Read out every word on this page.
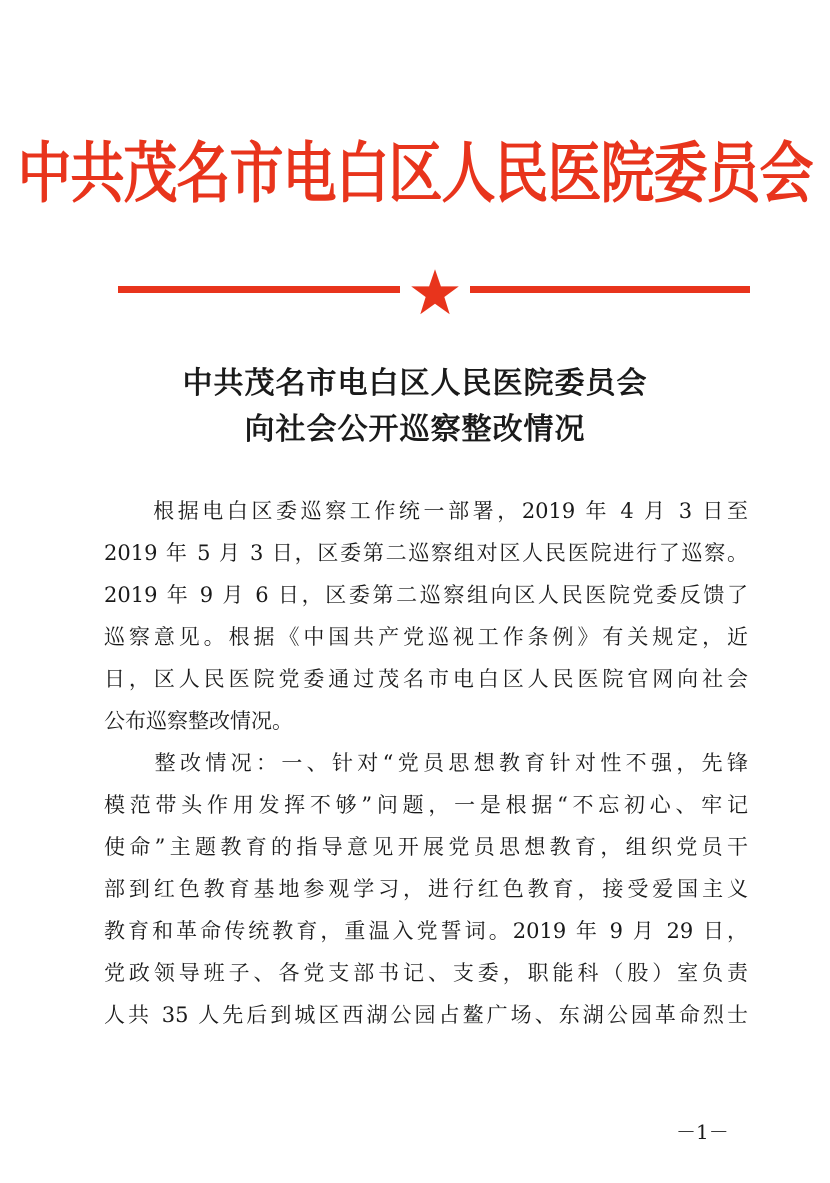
中共茂名市电白区人民医院委员会
中共茂名市电白区人民医院委员会
向社会公开巡察整改情况
　　根据电白区委巡察工作统一部署，2019 年 4 月 3 日至
2019 年 5 月 3 日，区委第二巡察组对区人民医院进行了巡察。
2019 年 9 月 6 日，区委第二巡察组向区人民医院党委反馈了
巡察意见。根据《中国共产党巡视工作条例》有关规定，近
日，区人民医院党委通过茂名市电白区人民医院官网向社会
公布巡察整改情况。
　　整改情况：一、针对“党员思想教育针对性不强，先锋
模范带头作用发挥不够”问题，一是根据“不忘初心、牢记
使命”主题教育的指导意见开展党员思想教育，组织党员干
部到红色教育基地参观学习，进行红色教育，接受爱国主义
教育和革命传统教育，重温入党誓词。2019 年 9 月 29 日，
党政领导班子、各党支部书记、支委，职能科（股）室负责
人共 35 人先后到城区西湖公园占鳌广场、东湖公园革命烈士
－1－
